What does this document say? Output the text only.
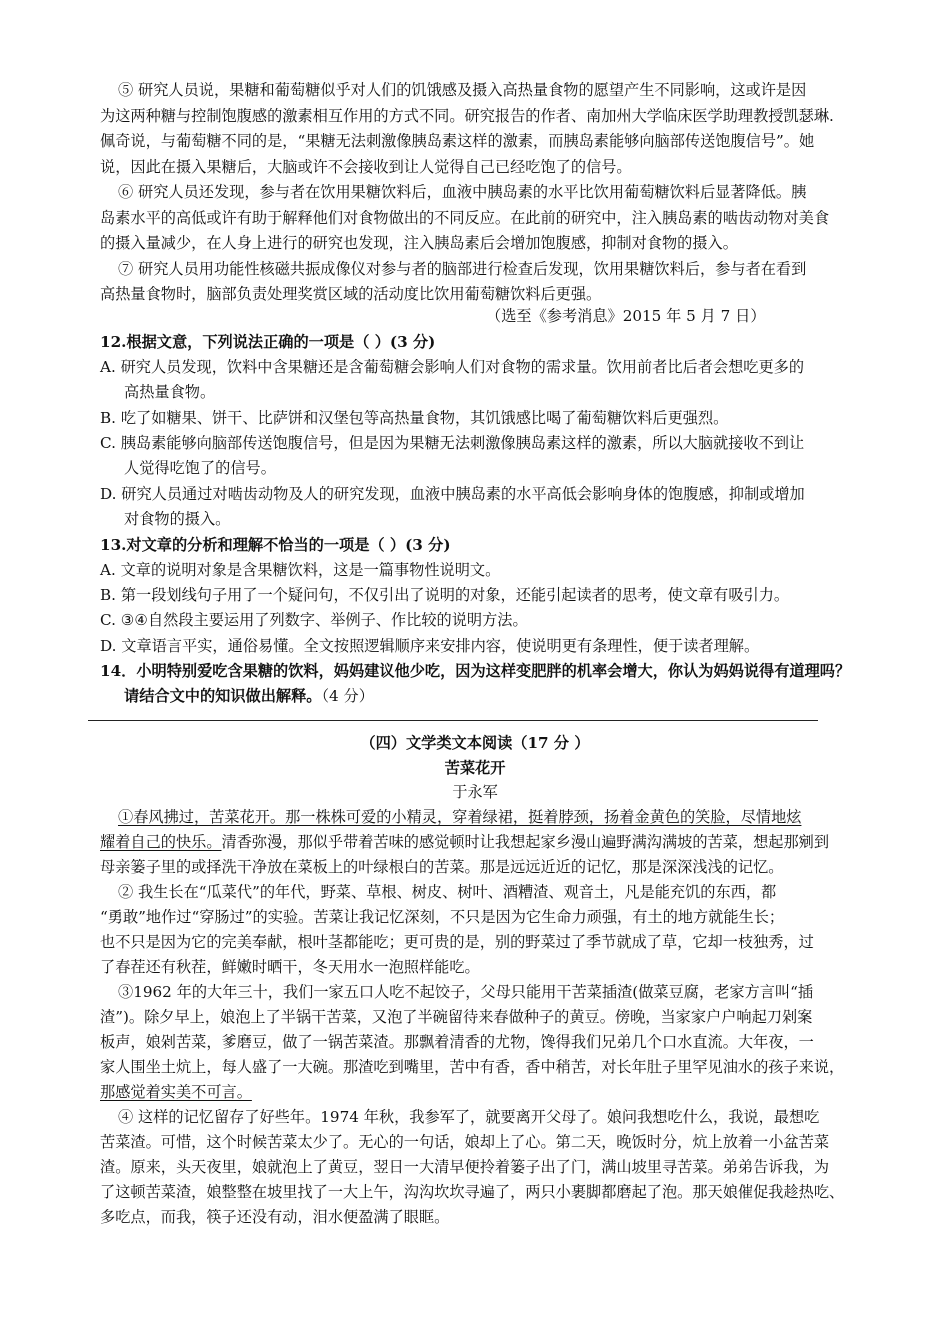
⑤ 研究人员说，果糖和葡萄糖似乎对人们的饥饿感及摄入高热量食物的愿望产生不同影响，这或许是因
为这两种糖与控制饱腹感的激素相互作用的方式不同。研究报告的作者、南加州大学临床医学助理教授凯瑟琳.
佩奇说，与葡萄糖不同的是，“果糖无法刺激像胰岛素这样的激素，而胰岛素能够向脑部传送饱腹信号”。她
说，因此在摄入果糖后，大脑或许不会接收到让人觉得自己已经吃饱了的信号。
⑥ 研究人员还发现，参与者在饮用果糖饮料后，血液中胰岛素的水平比饮用葡萄糖饮料后显著降低。胰
岛素水平的高低或许有助于解释他们对食物做出的不同反应。在此前的研究中，注入胰岛素的啮齿动物对美食
的摄入量减少，在人身上进行的研究也发现，注入胰岛素后会增加饱腹感，抑制对食物的摄入。
⑦ 研究人员用功能性核磁共振成像仪对参与者的脑部进行检查后发现，饮用果糖饮料后，参与者在看到
高热量食物时，脑部负责处理奖赏区域的活动度比饮用葡萄糖饮料后更强。
（选至《参考消息》2015 年 5 月 7 日）
12.根据文意，下列说法正确的一项是（ ）(3 分)
A. 研究人员发现，饮料中含果糖还是含葡萄糖会影响人们对食物的需求量。饮用前者比后者会想吃更多的
高热量食物。
B. 吃了如糖果、饼干、比萨饼和汉堡包等高热量食物，其饥饿感比喝了葡萄糖饮料后更强烈。
C. 胰岛素能够向脑部传送饱腹信号，但是因为果糖无法刺激像胰岛素这样的激素，所以大脑就接收不到让
人觉得吃饱了的信号。
D. 研究人员通过对啮齿动物及人的研究发现，血液中胰岛素的水平高低会影响身体的饱腹感，抑制或增加
对食物的摄入。
13.对文章的分析和理解不恰当的一项是（ ）(3 分)
A. 文章的说明对象是含果糖饮料，这是一篇事物性说明文。
B. 第一段划线句子用了一个疑问句，不仅引出了说明的对象，还能引起读者的思考，使文章有吸引力。
C. ③④自然段主要运用了列数字、举例子、作比较的说明方法。
D. 文章语言平实，通俗易懂。全文按照逻辑顺序来安排内容，使说明更有条理性，便于读者理解。
14．小明特别爱吃含果糖的饮料，妈妈建议他少吃，因为这样变肥胖的机率会增大，你认为妈妈说得有道理吗？
请结合文中的知识做出解释。（4 分）
（四）文学类文本阅读（17 分 ）
苦菜花开
于永军
①春风拂过，苦菜花开。那一株株可爱的小精灵，穿着绿裙，挺着脖颈，扬着金黄色的笑脸，尽情地炫
耀着自己的快乐。清香弥漫，那似乎带着苦味的感觉顿时让我想起家乡漫山遍野满沟满坡的苦菜，想起那剜到
母亲篓子里的或择洗干净放在菜板上的叶绿根白的苦菜。那是远远近近的记忆，那是深深浅浅的记忆。
② 我生长在“瓜菜代”的年代，野菜、草根、树皮、树叶、酒糟渣、观音土，凡是能充饥的东西，都
“勇敢”地作过“穿肠过”的实验。苦菜让我记忆深刻，不只是因为它生命力顽强，有土的地方就能生长；
也不只是因为它的完美奉献，根叶茎都能吃；更可贵的是，别的野菜过了季节就成了草，它却一枝独秀，过
了春茬还有秋茬，鲜嫩时晒干，冬天用水一泡照样能吃。
③1962 年的大年三十，我们一家五口人吃不起饺子，父母只能用干苦菜插渣(做菜豆腐，老家方言叫“插
渣”)。除夕早上，娘泡上了半锅干苦菜，又泡了半碗留待来春做种子的黄豆。傍晚，当家家户户响起刀剁案
板声，娘剁苦菜，爹磨豆，做了一锅苦菜渣。那飘着清香的尤物，馋得我们兄弟几个口水直流。大年夜，一
家人围坐土炕上，每人盛了一大碗。那渣吃到嘴里，苦中有香，香中稍苦，对长年肚子里罕见油水的孩子来说，
那感觉着实美不可言。
④ 这样的记忆留存了好些年。1974 年秋，我参军了，就要离开父母了。娘问我想吃什么，我说，最想吃
苦菜渣。可惜，这个时候苦菜太少了。无心的一句话，娘却上了心。第二天，晚饭时分，炕上放着一小盆苦菜
渣。原来，头天夜里，娘就泡上了黄豆，翌日一大清早便拎着篓子出了门，满山坡里寻苦菜。弟弟告诉我，为
了这顿苦菜渣，娘整整在坡里找了一大上午，沟沟坎坎寻遍了，两只小裹脚都磨起了泡。那天娘催促我趁热吃、
多吃点，而我，筷子还没有动，泪水便盈满了眼眶。
